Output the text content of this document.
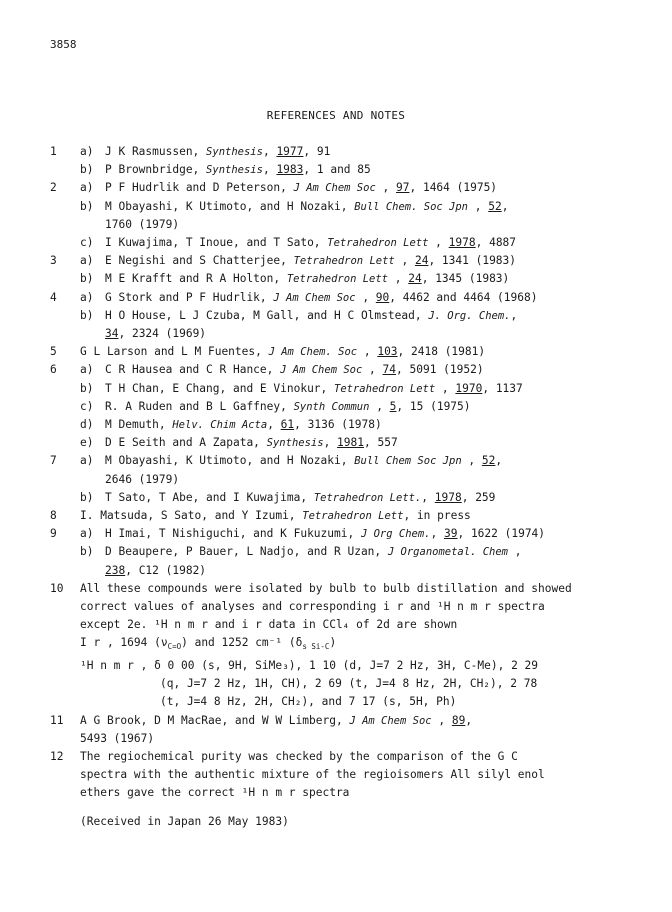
3858
REFERENCES AND NOTES
1	a)	J K Rasmussen, Synthesis, 1977, 91
b)	P Brownbridge, Synthesis, 1983, 1 and 85
2	a)	P F Hudrlik and D Peterson, J Am Chem Soc , 97, 1464 (1975)
b)	M Obayashi, K Utimoto, and H Nozaki, Bull Chem. Soc Jpn , 52,
1760 (1979)
c)	I Kuwajima, T Inoue, and T Sato, Tetrahedron Lett , 1978, 4887
3	a)	E Negishi and S Chatterjee, Tetrahedron Lett , 24, 1341 (1983)
b)	M E Krafft and R A Holton, Tetrahedron Lett , 24, 1345 (1983)
4	a)	G Stork and P F Hudrlik, J Am Chem Soc , 90, 4462 and 4464 (1968)
b)	H O House, L J Czuba, M Gall, and H C Olmstead, J. Org. Chem.,
34, 2324 (1969)
5	G L Larson and L M Fuentes, J Am Chem. Soc , 103, 2418 (1981)
6	a)	C R Hausea and C R Hance, J Am Chem Soc , 74, 5091 (1952)
b)	T H Chan, E Chang, and E Vinokur, Tetrahedron Lett , 1970, 1137
c)	R. A Ruden and B L Gaffney, Synth Commun , 5, 15 (1975)
d)	M Demuth, Helv. Chim Acta, 61, 3136 (1978)
e)	D E Seith and A Zapata, Synthesis, 1981, 557
7	a)	M Obayashi, K Utimoto, and H Nozaki, Bull Chem Soc Jpn , 52,
2646 (1979)
b)	T Sato, T Abe, and I Kuwajima, Tetrahedron Lett., 1978, 259
8	I. Matsuda, S Sato, and Y Izumi, Tetrahedron Lett, in press
9	a)	H Imai, T Nishiguchi, and K Fukuzumi, J Org Chem., 39, 1622 (1974)
b)	D Beaupere, P Bauer, L Nadjo, and R Uzan, J Organometal. Chem ,
238, C12 (1982)
10	All these compounds were isolated by bulb to bulb distillation and showed
correct values of analyses and corresponding i r and ¹H n m r spectra
except 2e. ¹H n m r and i r data in CCl₄ of 2d are shown
I r , 1694 $(\nu_{C=O})$ and 1252 cm⁻¹ $(\delta_{s Si-C})$
¹H n m r , δ 0 00 (s, 9H, SiMe₃), 1 10 (d, J=7 2 Hz, 3H, C-Me), 2 29
(q, J=7 2 Hz, 1H, CH), 2 69 (t, J=4 8 Hz, 2H, CH₂), 2 78
(t, J=4 8 Hz, 2H, CH₂), and 7 17 (s, 5H, Ph)
11	A G Brook, D M MacRae, and W W Limberg, J Am Chem Soc , 89,
5493 (1967)
12	The regiochemical purity was checked by the comparison of the G C
spectra with the authentic mixture of the regioisomers All silyl enol
ethers gave the correct ¹H n m r spectra
(Received in Japan 26 May 1983)
